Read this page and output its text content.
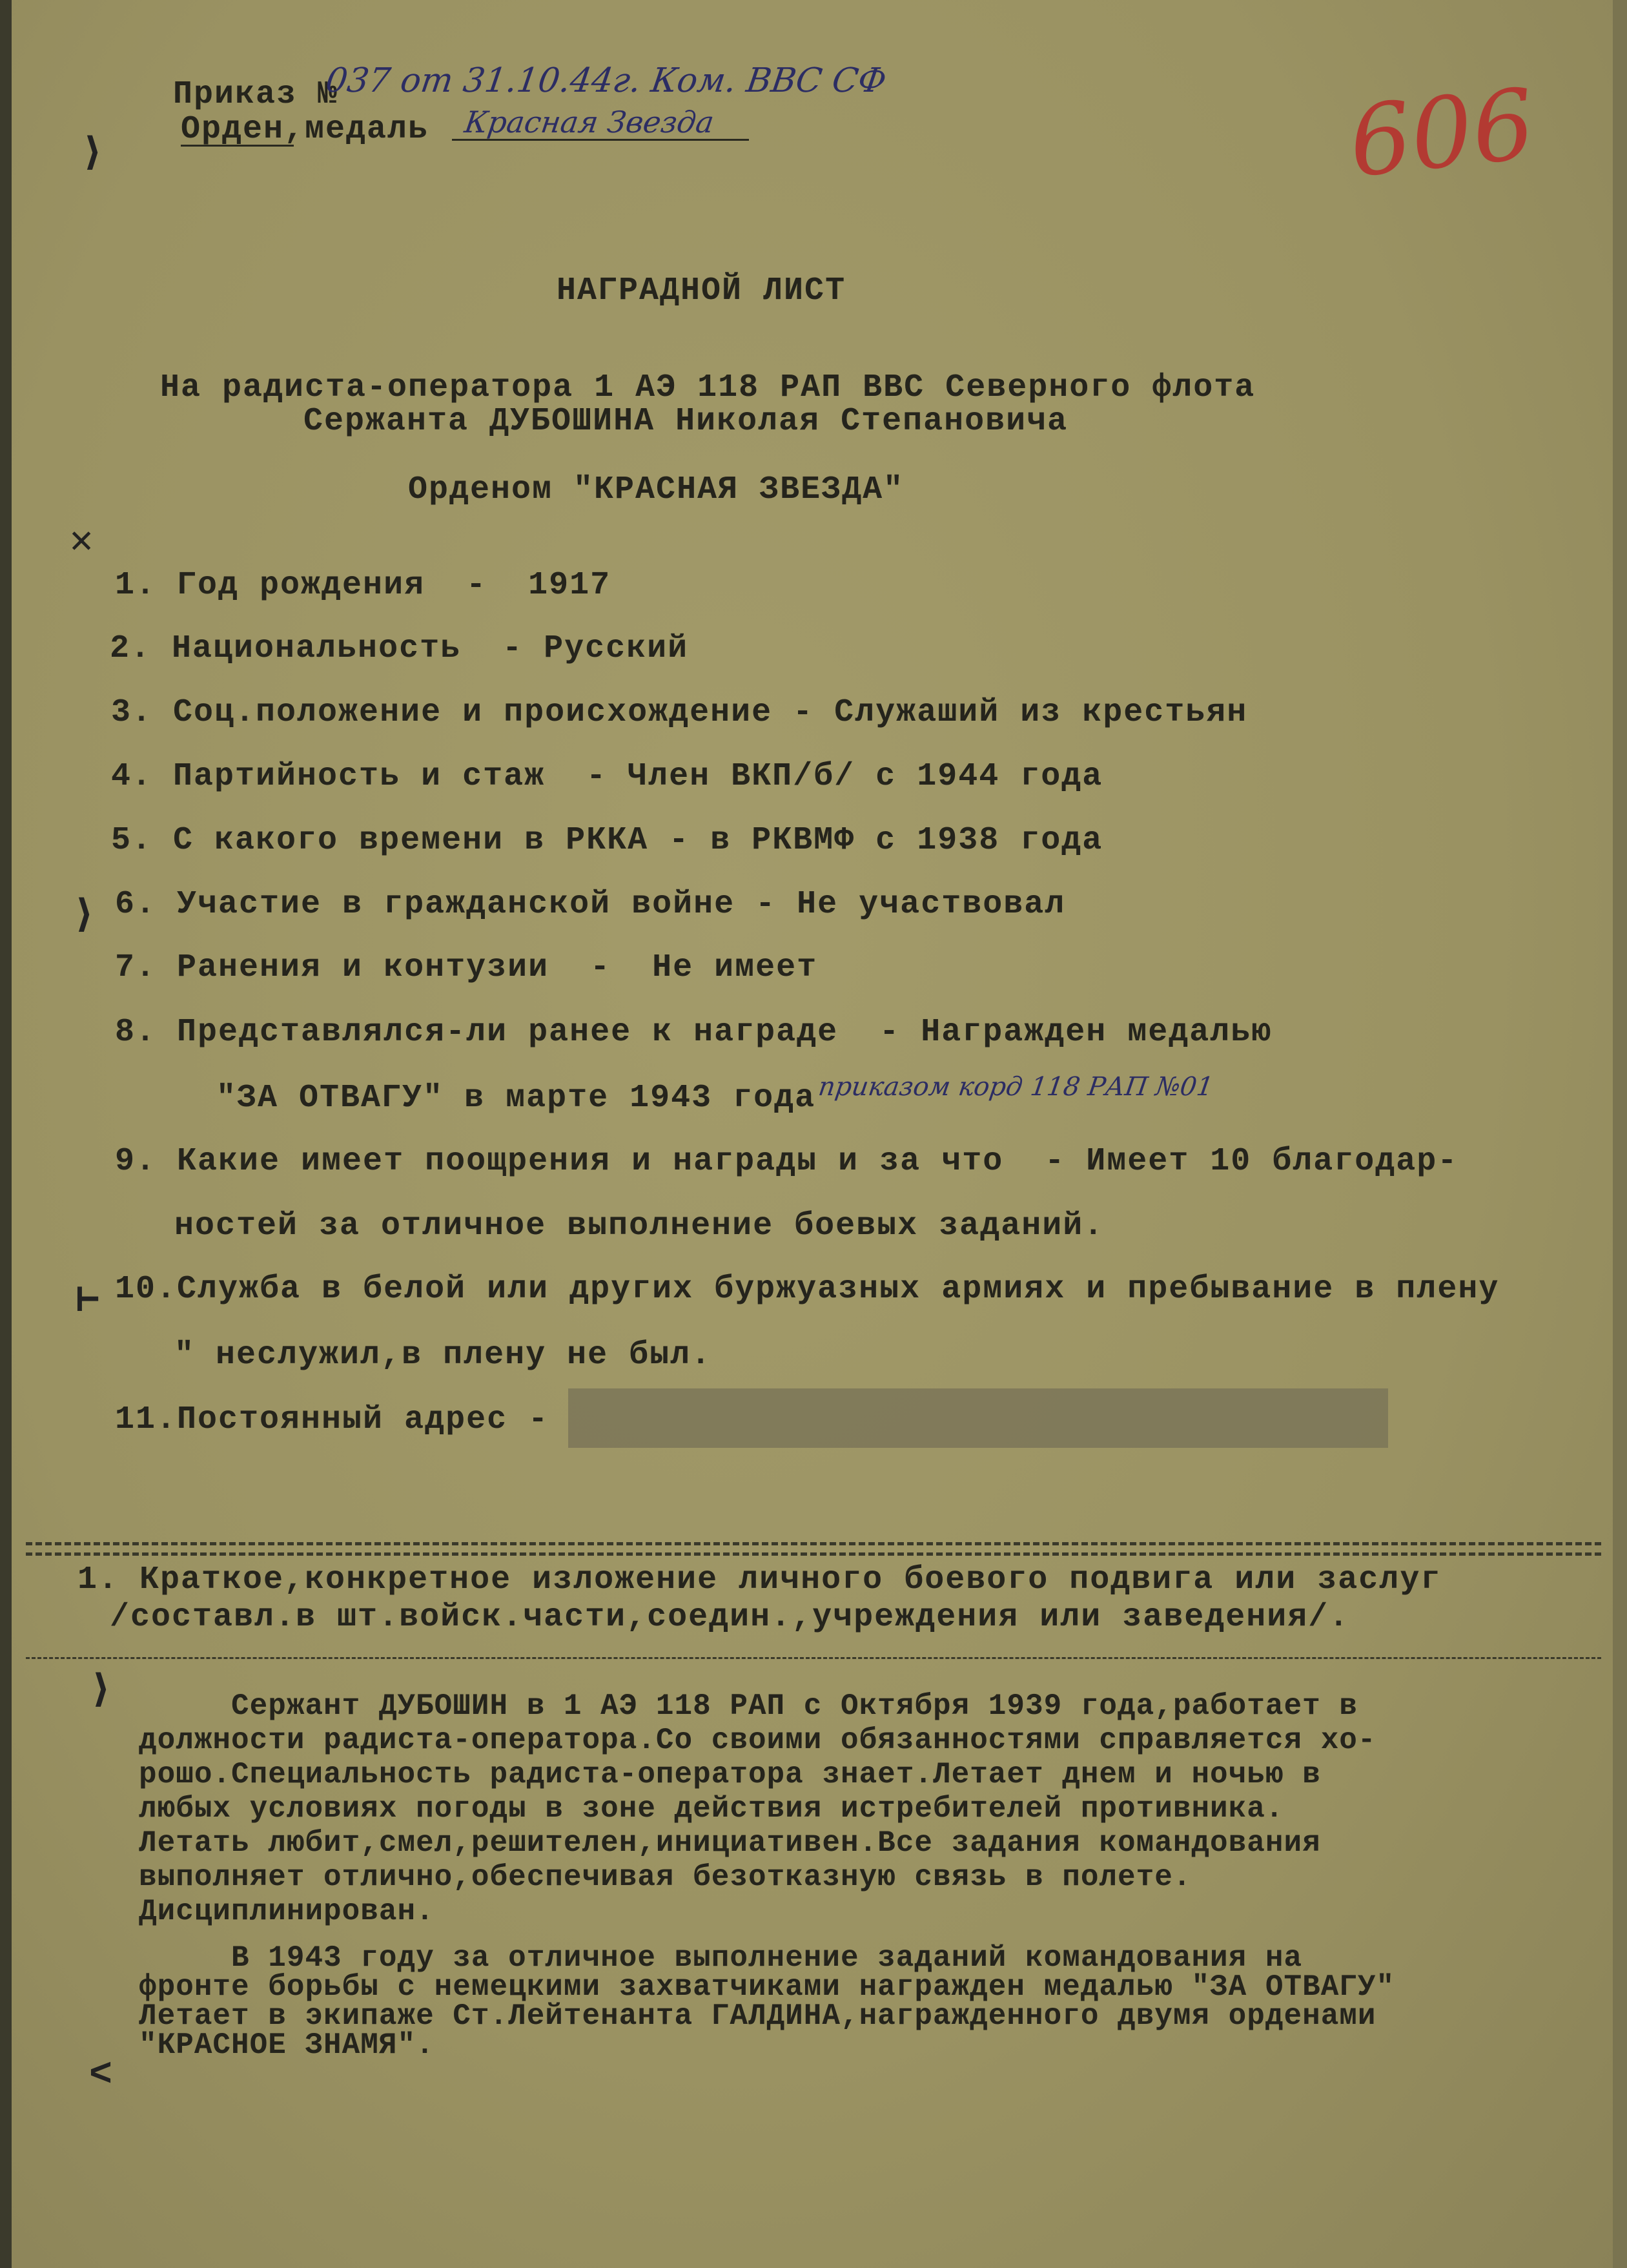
Приказ №
037 от 31.10.44г. Ком. ВВС СФ
Орден,медаль Красная Звезда	606
НАГРАДНОЙ ЛИСТ
На радиста-оператора 1 АЭ 118 РАП ВВС Северного флота
Сержанта ДУБОШИНА Николая Степановича
Орденом "КРАСНАЯ ЗВЕЗДА"
1. Год рождения  -  1917
2. Национальность  - Русский
3. Соц.положение и происхождение - Служаший из крестьян
4. Партийность и стаж  - Член ВКП/б/ с 1944 года
5. С какого времени в РККА - в РКВМФ с 1938 года
6. Участие в гражданской войне - Не участвовал
7. Ранения и контузии  -  Не имеет
8. Представлялся-ли ранее к награде  - Награжден медалью
"ЗА ОТВАГУ" в марте 1943 года приказом корд 118 РАП №01
9. Какие имеет поощрения и награды и за что  - Имеет 10 благодар-
ностей за отличное выполнение боевых заданий.
10.Служба в белой или других буржуазных армиях и пребывание в плену
" неслужил,в плену не был.
11.Постоянный адрес -
1. Краткое,конкретное изложение личного боевого подвига или заслуг
/составл.в шт.войск.части,соедин.,учреждения или заведения/.
Сержант ДУБОШИН в 1 АЭ 118 РАП с Октября 1939 года,работает в
должности радиста-оператора.Со своими обязанностями справляется хо-
рошо.Специальность радиста-оператора знает.Летает днем и ночью в
любых условиях погоды в зоне действия истребителей противника.
Летать любит,смел,решителен,инициативен.Все задания командования
выполняет отлично,обеспечивая безотказную связь в полете.
Дисциплинирован.
В 1943 году за отличное выполнение заданий командования на
фронте борьбы с немецкими захватчиками награжден медалью "ЗА ОТВАГУ"
Летает в экипаже Ст.Лейтенанта ГАЛДИНА,награжденного двумя орденами
"КРАСНОЕ ЗНАМЯ".
⟩
✕
⟩
⊢
⟩
˂
